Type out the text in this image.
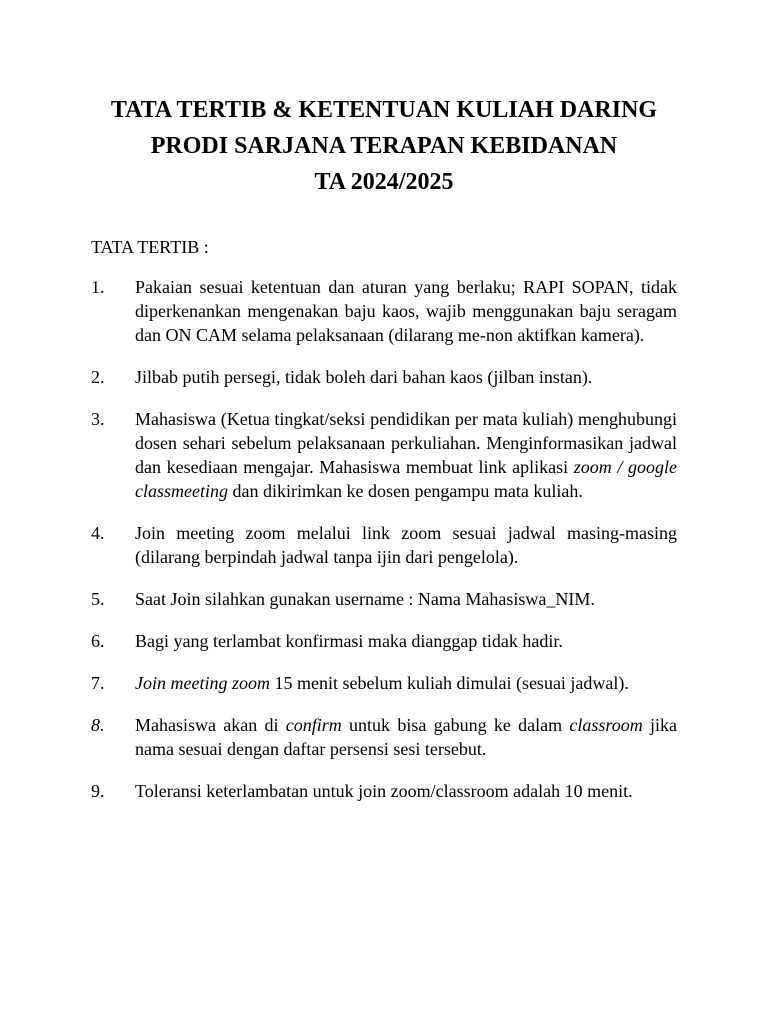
TATA TERTIB & KETENTUAN KULIAH DARING
PRODI SARJANA TERAPAN KEBIDANAN
TA 2024/2025
TATA TERTIB :
1.	Pakaian sesuai ketentuan dan aturan yang berlaku; RAPI SOPAN, tidak diperkenankan mengenakan baju kaos, wajib menggunakan baju seragam dan ON CAM selama pelaksanaan (dilarang me-non aktifkan kamera).
2.	Jilbab putih persegi, tidak boleh dari bahan kaos (jilban instan).
3.	Mahasiswa (Ketua tingkat/seksi pendidikan per mata kuliah) menghubungi dosen sehari sebelum pelaksanaan perkuliahan. Menginformasikan jadwal dan kesediaan mengajar. Mahasiswa membuat link aplikasi zoom / google classmeeting dan dikirimkan ke dosen pengampu mata kuliah.
4.	Join meeting zoom melalui link zoom sesuai jadwal masing-masing (dilarang berpindah jadwal tanpa ijin dari pengelola).
5.	Saat Join silahkan gunakan username : Nama Mahasiswa_NIM.
6.	Bagi yang terlambat konfirmasi maka dianggap tidak hadir.
7.	Join meeting zoom 15 menit sebelum kuliah dimulai (sesuai jadwal).
8.	Mahasiswa akan di confirm untuk bisa gabung ke dalam classroom jika nama sesuai dengan daftar persensi sesi tersebut.
9.	Toleransi keterlambatan untuk join zoom/classroom adalah 10 menit.
